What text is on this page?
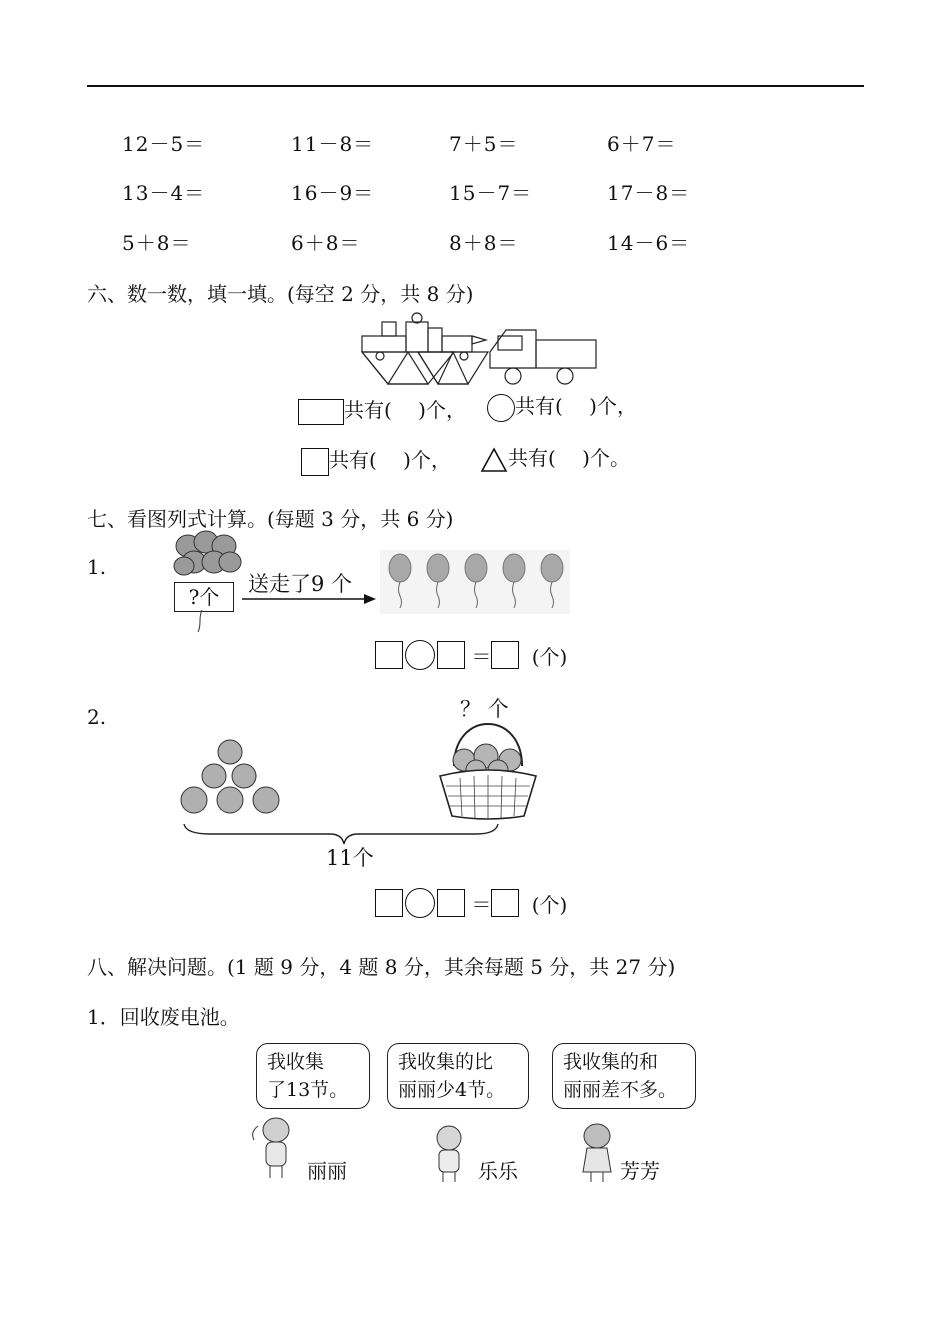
12－5＝	11－8＝	7＋5＝	6＋7＝
13－4＝	16－9＝	15－7＝	17－8＝
5＋8＝	6＋8＝	8＋8＝	14－6＝
六、数一数，填一填。(每空 2 分，共 8 分)
共有(　 )个，	共有(　 )个，
共有(　 )个，	共有(　 )个。
七、看图列式计算。(每题 3 分，共 6 分)
1.
?个
送走了9 个
＝ (个)
2.	？ 个
11个
＝ (个)
八、解决问题。(1 题 9 分，4 题 8 分，其余每题 5 分，共 27 分)
1．回收废电池。
我收集
了13节。
我收集的比
丽丽少4节。
我收集的和
丽丽差不多。
丽丽	乐乐	芳芳
